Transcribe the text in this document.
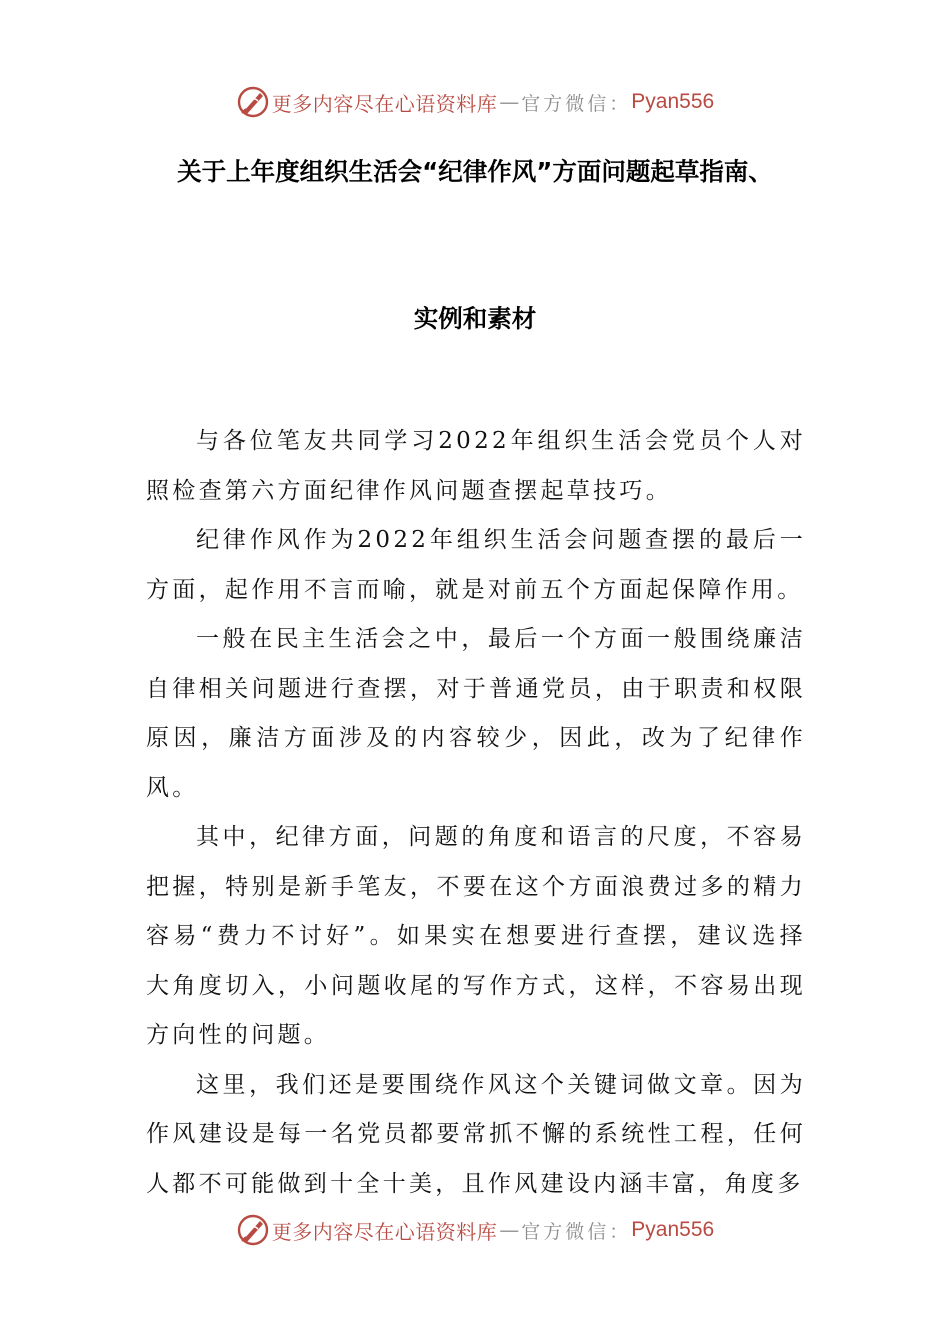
更多内容尽在心语资料库 — 官方微信： Pyan556
关于上年度组织生活会“纪律作风”方面问题起草指南、
实例和素材

与各位笔友共同学习2022年组织生活会党员个人对照检查第六方面纪律作风问题查摆起草技巧。

纪律作风作为2022年组织生活会问题查摆的最后一方面，起作用不言而喻，就是对前五个方面起保障作用。

一般在民主生活会之中，最后一个方面一般围绕廉洁自律相关问题进行查摆，对于普通党员，由于职责和权限原因，廉洁方面涉及的内容较少，因此，改为了纪律作风。

其中，纪律方面，问题的角度和语言的尺度，不容易把握，特别是新手笔友，不要在这个方面浪费过多的精力容易“费力不讨好”。如果实在想要进行查摆，建议选择大角度切入，小问题收尾的写作方式，这样，不容易出现方向性的问题。

这里，我们还是要围绕作风这个关键词做文章。因为作风建设是每一名党员都要常抓不懈的系统性工程，任何人都不可能做到十全十美，且作风建设内涵丰富，角度多

更多内容尽在心语资料库 — 官方微信： Pyan556
